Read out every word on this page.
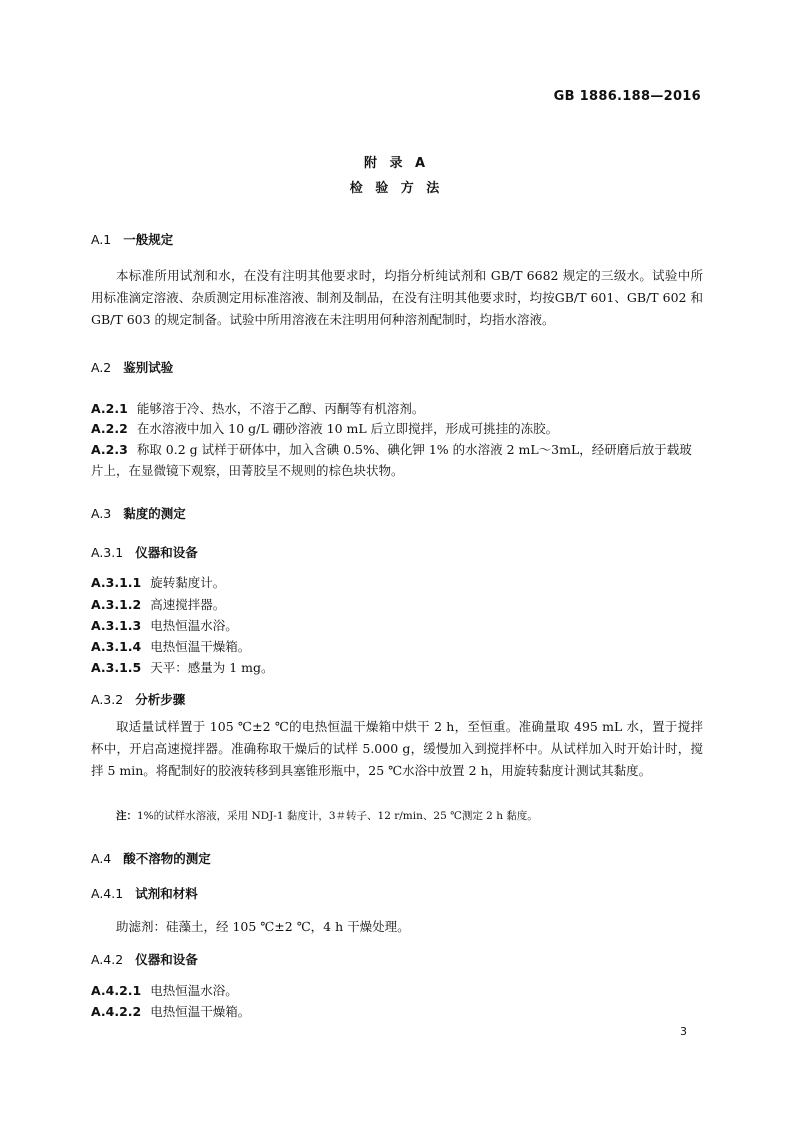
GB 1886.188—2016
附 录 A
检 验 方 法
A.1 一般规定
本标准所用试剂和水，在没有注明其他要求时，均指分析纯试剂和 GB/T 6682 规定的三级水。试验中所用标准滴定溶液、杂质测定用标准溶液、制剂及制品，在没有注明其他要求时，均按GB/T 601、GB/T 602 和 GB/T 603 的规定制备。试验中所用溶液在未注明用何种溶剂配制时，均指水溶液。
A.2 鉴别试验
A.2.1 能够溶于冷、热水，不溶于乙醇、丙酮等有机溶剂。
A.2.2 在水溶液中加入 10 g/L 硼砂溶液 10 mL 后立即搅拌，形成可挑挂的冻胶。
A.2.3 称取 0.2 g 试样于研体中，加入含碘 0.5%、碘化钾 1% 的水溶液 2 mL～3mL，经研磨后放于载玻
片上，在显微镜下观察，田菁胶呈不规则的棕色块状物。
A.3 黏度的测定
A.3.1 仪器和设备
A.3.1.1 旋转黏度计。
A.3.1.2 高速搅拌器。
A.3.1.3 电热恒温水浴。
A.3.1.4 电热恒温干燥箱。
A.3.1.5 天平：感量为 1 mg。
A.3.2 分析步骤
取适量试样置于 105 ℃±2 ℃的电热恒温干燥箱中烘干 2 h，至恒重。准确量取 495 mL 水，置于搅拌杯中，开启高速搅拌器。准确称取干燥后的试样 5.000 g，缓慢加入到搅拌杯中。从试样加入时开始计时，搅拌 5 min。将配制好的胶液转移到具塞锥形瓶中，25 ℃水浴中放置 2 h，用旋转黏度计测试其黏度。
注：1%的试样水溶液，采用 NDJ-1 黏度计，3＃转子、12 r/min、25 ℃测定 2 h 黏度。
A.4 酸不溶物的测定
A.4.1 试剂和材料
助滤剂：硅藻土，经 105 ℃±2 ℃，4 h 干燥处理。
A.4.2 仪器和设备
A.4.2.1 电热恒温水浴。
A.4.2.2 电热恒温干燥箱。
3
